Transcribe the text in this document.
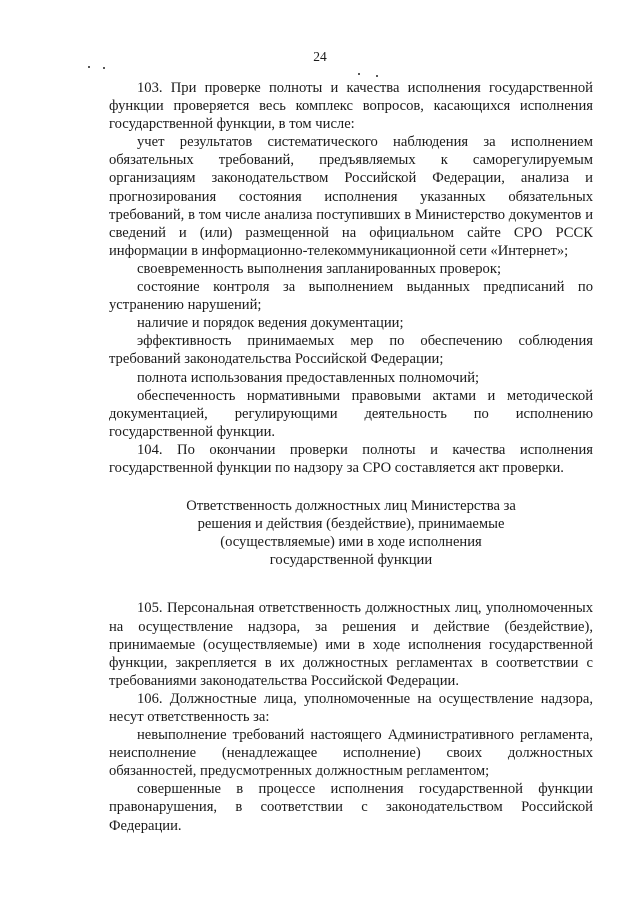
24

103. При проверке полноты и качества исполнения государственной функции проверяется весь комплекс вопросов, касающихся исполнения государственной функции, в том числе:

учет результатов систематического наблюдения за исполнением обязательных требований, предъявляемых к саморегулируемым организациям законодательством Российской Федерации, анализа и прогнозирования состояния исполнения указанных обязательных требований, в том числе анализа поступивших в Министерство документов и сведений и (или) размещенной на официальном сайте СРО РССК информации в информационно-телекоммуникационной сети «Интернет»;

своевременность выполнения запланированных проверок;

состояние контроля за выполнением выданных предписаний по устранению нарушений;

наличие и порядок ведения документации;

эффективность принимаемых мер по обеспечению соблюдения требований законодательства Российской Федерации;

полнота использования предоставленных полномочий;

обеспеченность нормативными правовыми актами и методической документацией, регулирующими деятельность по исполнению государственной функции.

104. По окончании проверки полноты и качества исполнения государственной функции по надзору за СРО составляется акт проверки.

Ответственность должностных лиц Министерства за
решения и действия (бездействие), принимаемые
(осуществляемые) ими в ходе исполнения
государственной функции

105. Персональная ответственность должностных лиц, уполномоченных на осуществление надзора, за решения и действие (бездействие), принимаемые (осуществляемые) ими в ходе исполнения государственной функции, закрепляется в их должностных регламентах в соответствии с требованиями законодательства Российской Федерации.

106. Должностные лица, уполномоченные на осуществление надзора, несут ответственность за:

невыполнение требований настоящего Административного регламента, неисполнение (ненадлежащее исполнение) своих должностных обязанностей, предусмотренных должностным регламентом;

совершенные в процессе исполнения государственной функции правонарушения, в соответствии с законодательством Российской Федерации.
